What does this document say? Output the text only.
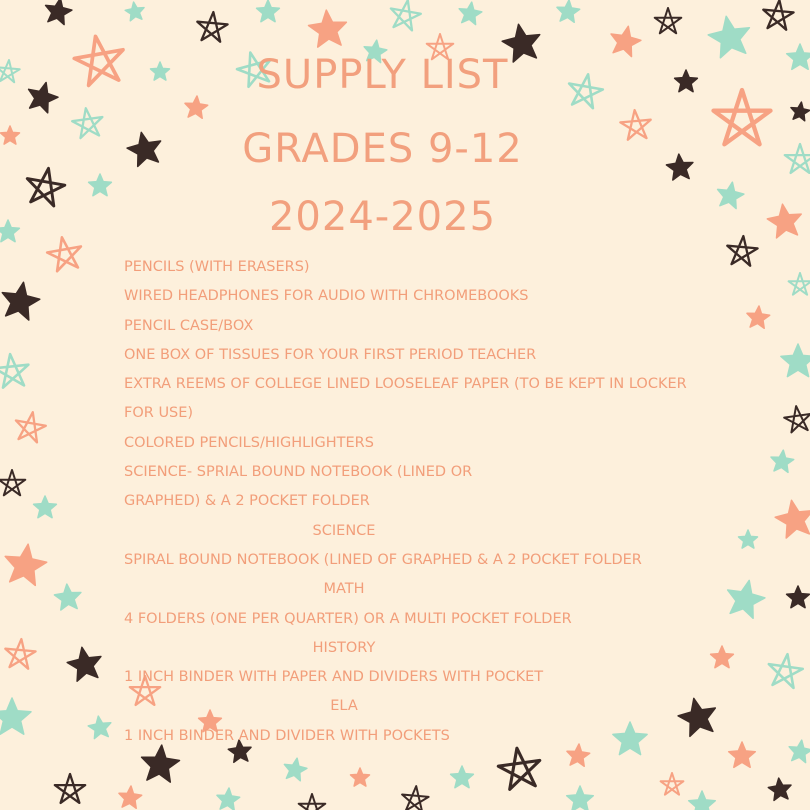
SUPPLY LIST
GRADES 9-12
2024-2025
PENCILS (WITH ERASERS)
WIRED HEADPHONES FOR AUDIO WITH CHROMEBOOKS
PENCIL CASE/BOX
ONE BOX OF TISSUES FOR YOUR FIRST PERIOD TEACHER
EXTRA REEMS OF COLLEGE LINED LOOSELEAF PAPER (TO BE KEPT IN LOCKER
FOR USE)
COLORED PENCILS/HIGHLIGHTERS
SCIENCE- SPRIAL BOUND NOTEBOOK (LINED OR
GRAPHED) & A 2 POCKET FOLDER
SCIENCE
SPIRAL BOUND NOTEBOOK (LINED OF GRAPHED & A 2 POCKET FOLDER
MATH
4 FOLDERS (ONE PER QUARTER) OR A MULTI POCKET FOLDER
HISTORY
1 INCH BINDER WITH PAPER AND DIVIDERS WITH POCKET
ELA
1 INCH BINDER AND DIVIDER WITH POCKETS
